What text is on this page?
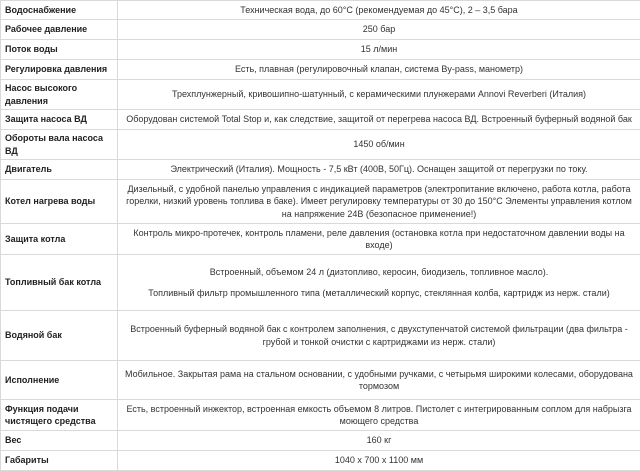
Водоснабжение	Техническая вода, до 60°С (рекомендуемая до 45°С), 2 – 3,5 бара
Рабочее давление	250 бар
Поток воды	15 л/мин
Регулировка давления	Есть, плавная (регулировочный клапан, система By-pass, манометр)
Насос высокого давления	Трехплунжерный, кривошипно-шатунный, с керамическими плунжерами Annovi Reverberi (Италия)
Защита насоса ВД	Оборудован системой Total Stop и, как следствие, защитой от перегрева насоса ВД. Встроенный буферный водяной бак
Обороты вала насоса ВД	1450 об/мин
Двигатель	Электрический (Италия). Мощность - 7,5 кВт (400В, 50Гц). Оснащен защитой от перегрузки по току.
Котел нагрева воды	Дизельный, с удобной панелью управления с индикацией параметров (электропитание включено, работа котла, работа горелки, низкий уровень топлива в баке). Имеет регулировку температуры от 30 до 150°С Элементы управления котлом на напряжение 24В (безопасное применение!)
Защита котла	Контроль микро-протечек, контроль пламени, реле давления (остановка котла при недостаточном давлении воды на входе)
Топливный бак котла	Встроенный, объемом 24 л (дизтопливо, керосин, биодизель, топливное масло).

Топливный фильтр промышленного типа (металлический корпус, стеклянная колба, картридж из нерж. стали)

Водяной бак	Встроенный буферный водяной бак с контролем заполнения, с двухступенчатой системой фильтрации (два фильтра - грубой и тонкой очистки с картриджами из нерж. стали)
Исполнение	Мобильное. Закрытая рама на стальном основании, с удобными ручками, с четырьмя широкими колесами, оборудована тормозом
Функция подачи чистящего средства	Есть, встроенный инжектор, встроенная емкость объемом 8 литров. Пистолет с интегрированным соплом для набрызга моющего средства
Вес	160 кг
Габариты	1040 х 700 х 1100 мм
